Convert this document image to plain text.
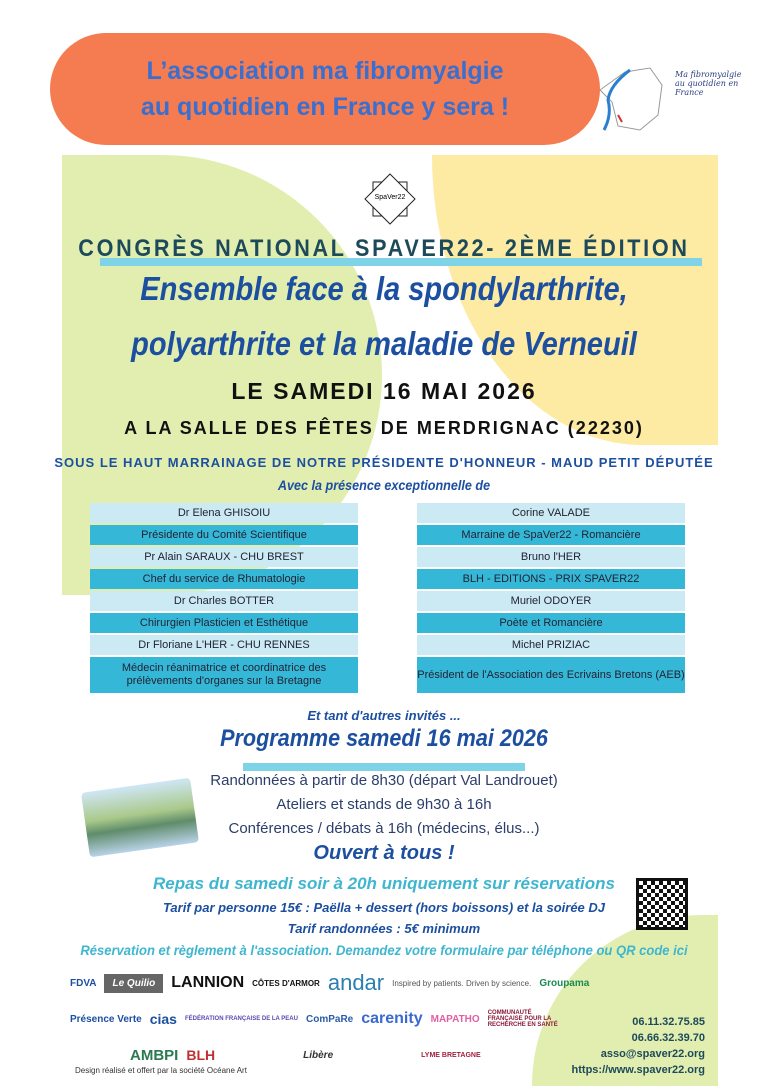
L’association ma fibromyalgie
au quotidien en France y sera !
Ma fibromyalgie au quotidien en France
SpaVer22
CONGRÈS NATIONAL SPAVER22- 2ÈME ÉDITION
Ensemble face à la spondylarthrite,
polyarthrite et la maladie de Verneuil
LE SAMEDI 16 MAI 2026
A LA SALLE DES FÊTES DE MERDRIGNAC (22230)
SOUS LE HAUT MARRAINAGE DE NOTRE PRÉSIDENTE D'HONNEUR - MAUD PETIT DÉPUTÉE
Avec la présence exceptionnelle de
Dr Elena GHISOIU
Présidente du Comité Scientifique
Pr Alain SARAUX - CHU BREST
Chef du service de Rhumatologie
Dr Charles BOTTER
Chirurgien Plasticien et Esthétique
Dr Floriane L'HER - CHU RENNES
Médecin réanimatrice et coordinatrice des prélèvements d'organes sur la Bretagne
Corine VALADE
Marraine de SpaVer22 - Romancière
Bruno l'HER
BLH - EDITIONS - PRIX SPAVER22
Muriel ODOYER
Poète et Romancière
Michel PRIZIAC
Président de l'Association des Ecrivains Bretons (AEB)
Et tant d'autres invités ...
Programme samedi 16 mai 2026
Randonnées à partir de 8h30 (départ Val Landrouet)
Ateliers et stands de 9h30 à 16h
Conférences / débats à 16h (médecins, élus...)
Ouvert à tous !
Repas du samedi soir à 20h uniquement sur réservations
Tarif par personne 15€ : Paëlla + dessert (hors boissons) et la soirée DJ
Tarif randonnées : 5€ minimum
Réservation et règlement à l'association. Demandez votre formulaire par téléphone ou QR code ici
FDVA	Le Quilio	LANNION CÔTES D'ARMOR andar Inspired by patients. Driven by science. Groupama
Présence Verte cias FÉDÉRATION FRANÇAISE DE LA PEAU ComPaRe carenity MAPATHO
COMMUNAUTÉ FRANÇAISE POUR LA RECHERCHE EN SANTÉ
AMBPI BLH	Libère	LYME BRETAGNE
Design réalisé et offert par la société Océane Art
06.11.32.75.85
06.66.32.39.70
asso@spaver22.org
https://www.spaver22.org
